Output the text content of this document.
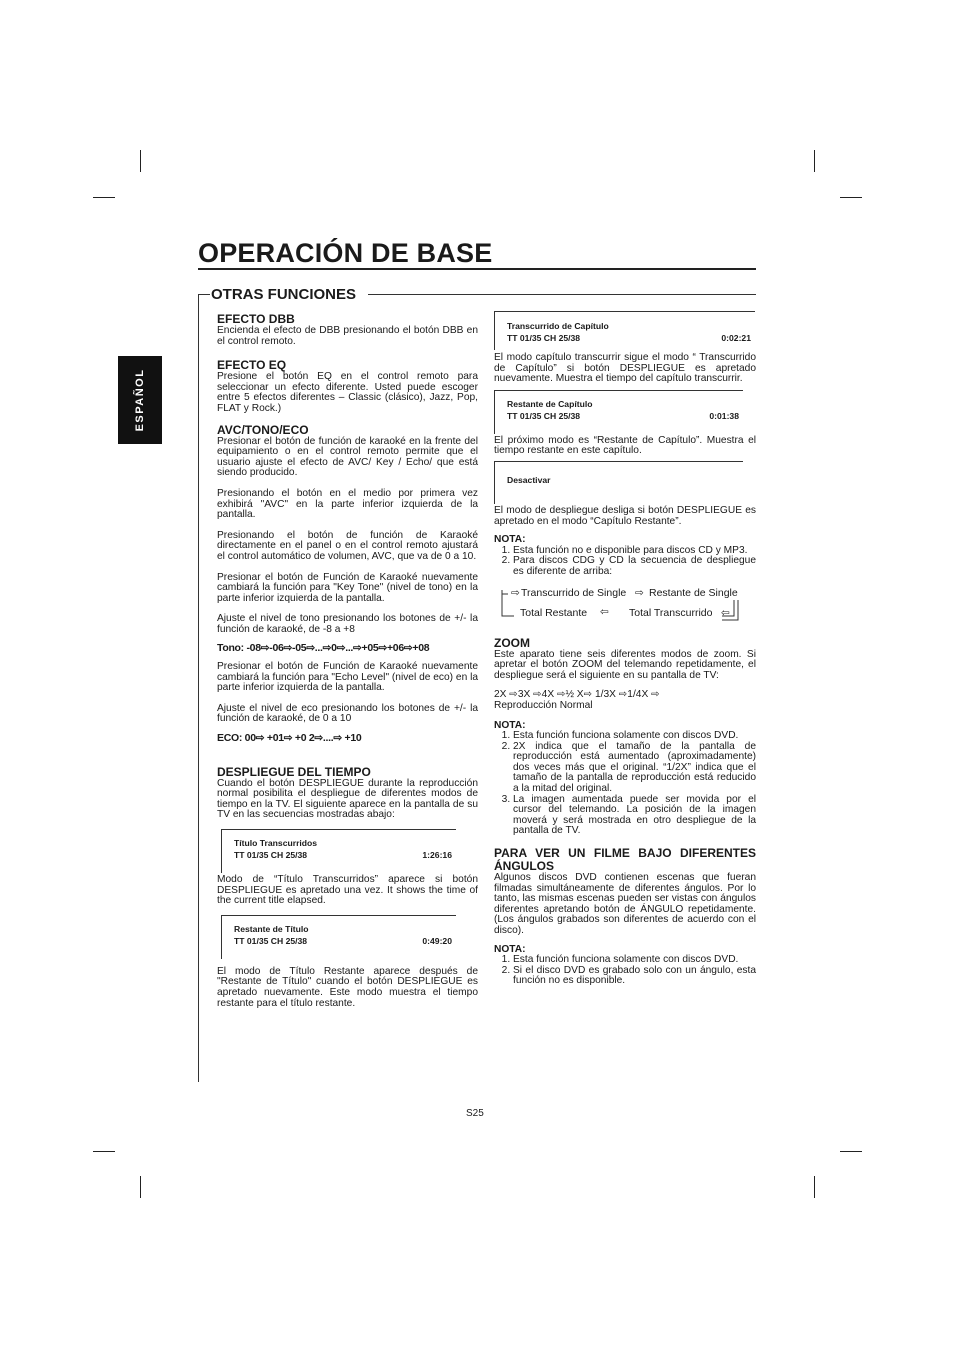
OPERACIÓN DE BASE
ESPAÑOL
OTRAS FUNCIONES

EFECTO DBB

Encienda el efecto de DBB presionando el botón DBB en el control remoto.

EFECTO EQ

Presione el botón EQ en el control remoto para seleccionar un efecto diferente. Usted puede escoger entre 5 efectos diferentes – Classic (clásico), Jazz, Pop, FLAT y Rock.)

AVC/TONO/ECO

Presionar el botón de función de karaoké en la frente del equipamiento o en el control remoto permite que el usuario ajuste el efecto de AVC/ Key / Echo/ que está siendo producido.

Presionando el botón en el medio por primera vez exhibirá "AVC" en la parte inferior izquierda de la pantalla.

Presionando el botón de función de Karaoké directamente en el panel o en el control remoto ajustará el control automático de volumen, AVC, que va de 0 a 10.

Presionar el botón de Función de Karaoké nuevamente cambiará la función para "Key Tone" (nivel de tono) en la parte inferior izquierda de la pantalla.

Ajuste el nivel de tono presionando los botones de +/- la función de karaoké, de -8 a +8

Tono: -08⇨-06⇨-05⇨...⇨0⇨...⇨+05⇨+06⇨+08

Presionar el botón de Función de Karaoké nuevamente cambiará la función para "Echo Level" (nivel de eco) en la parte inferior izquierda de la pantalla.

Ajuste el nivel de eco presionando los botones de +/- la función de karaoké, de 0 a 10

ECO: 00⇨ +01⇨ +0 2⇨....⇨ +10

DESPLIEGUE DEL TIEMPO

Cuando el botón DESPLIEGUE durante la reproducción normal posibilita el despliegue de diferentes modos de tiempo en la TV. El siguiente aparece en la pantalla de su TV en las secuencias mostradas abajo:

Título Transcurridos
TT 01/35 CH 25/38	1:26:16

Modo de “Título Transcurridos” aparece si botón DESPLIEGUE es apretado una vez. It shows the time of the current title elapsed.

Restante de Título
TT 01/35 CH 25/38	0:49:20

El modo de Título Restante aparece después de "Restante de Título" cuando el botón DESPLIEGUE es apretado nuevamente. Este modo muestra el tiempo restante para el título restante.

Transcurrido de Capítulo
TT 01/35 CH 25/38	0:02:21

El modo capítulo transcurrir sigue el modo “ Transcurrido de Capítulo” si botón DESPLIEGUE es apretado nuevamente. Muestra el tiempo del capítulo transcurrir.

Restante de Capítulo
TT 01/35 CH 25/38	0:01:38

El próximo modo es “Restante de Capítulo”. Muestra el tiempo restante en este capítulo.

Desactivar

El modo de despliegue desliga si botón DESPLIEGUE es apretado en el modo “Capítulo Restante”.

NOTA:

1. Esta función no e disponible para discos CD y MP3.
2. Para discos CDG y CD la secuencia de despliegue es diferente de arriba:
⇨ Transcurrido de Single ⇨ Restante de Single
Total Restante ⇦ Total Transcurrido ⇦

ZOOM

Este aparato tiene seis diferentes modos de zoom. Si apretar el botón ZOOM del telemando repetidamente, el despliegue será el siguiente en su pantalla de TV:

2X ⇨3X ⇨4X ⇨½ X⇨ 1/3X ⇨1/4X ⇨ Reproducción Normal

NOTA:

1. Esta función funciona solamente con discos DVD.
2. 2X indica que el tamaño de la pantalla de reproducción está aumentado (aproximadamente) dos veces más que el original. “1/2X” indica que el tamaño de la pantalla de reproducción está reducido a la mitad del original.
3. La imagen aumentada puede ser movida por el cursor del telemando. La posición de la imagen moverá y será mostrada en otro despliegue de la pantalla de TV.

PARA VER UN FILME BAJO DIFERENTES ÁNGULOS

Algunos discos DVD contienen escenas que fueran filmadas simultáneamente de diferentes ángulos. Por lo tanto, las mismas escenas pueden ser vistas con ángulos diferentes apretando botón de ÁNGULO repetidamente. (Los ángulos grabados son diferentes de acuerdo con el disco).

NOTA:

1. Esta función funciona solamente con discos DVD.
2. Si el disco DVD es grabado solo con un ángulo, esta función no es disponible.
S25
